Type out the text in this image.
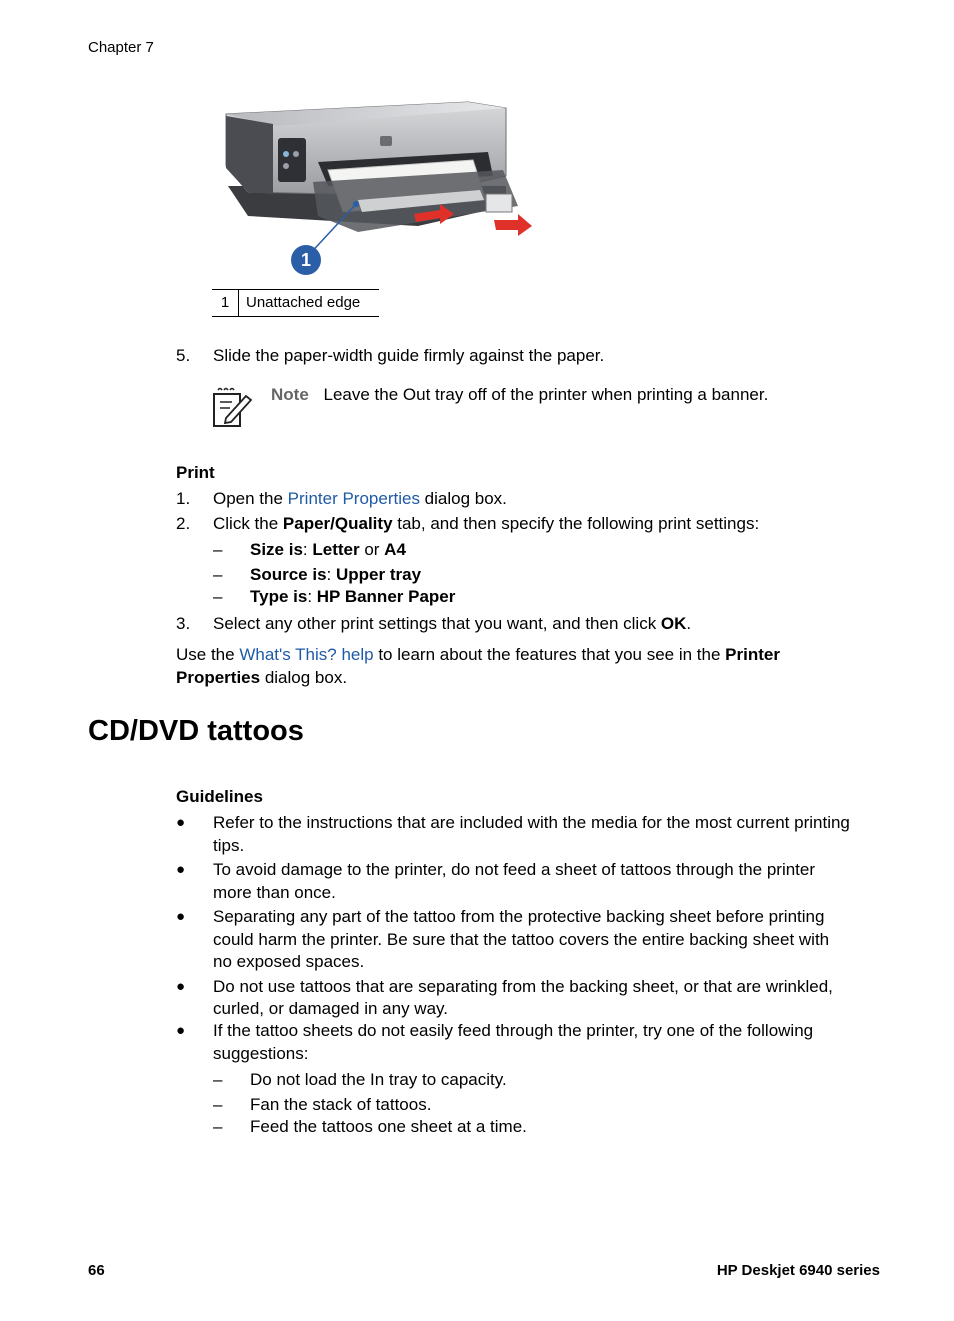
Chapter 7
1
1	Unattached edge
5. Slide the paper-width guide firmly against the paper.
Note Leave the Out tray off of the printer when printing a banner.
Print
1. Open the Printer Properties dialog box.
2. Click the Paper/Quality tab, and then specify the following print settings:
– Size is: Letter or A4
– Source is: Upper tray
– Type is: HP Banner Paper
3. Select any other print settings that you want, and then click OK.
Use the What's This? help to learn about the features that you see in the Printer
Properties dialog box.
CD/DVD tattoos
Guidelines
● Refer to the instructions that are included with the media for the most current printing
tips.
● To avoid damage to the printer, do not feed a sheet of tattoos through the printer
more than once.
● Separating any part of the tattoo from the protective backing sheet before printing
could harm the printer. Be sure that the tattoo covers the entire backing sheet with
no exposed spaces.
● Do not use tattoos that are separating from the backing sheet, or that are wrinkled,
curled, or damaged in any way.
● If the tattoo sheets do not easily feed through the printer, try one of the following
suggestions:
– Do not load the In tray to capacity.
– Fan the stack of tattoos.
– Feed the tattoos one sheet at a time.
66	HP Deskjet 6940 series
